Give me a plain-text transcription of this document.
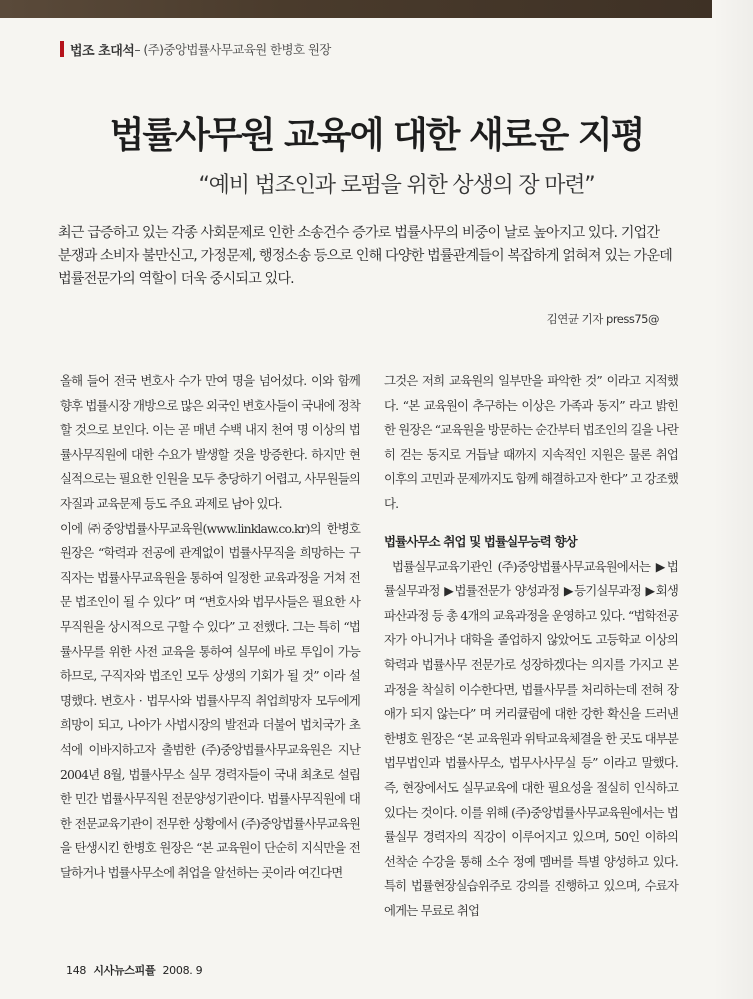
법조 초대석 – (주)중앙법률사무교육원 한병호 원장
법률사무원 교육에 대한 새로운 지평
“예비 법조인과 로펌을 위한 상생의 장 마련”
최근 급증하고 있는 각종 사회문제로 인한 소송건수 증가로 법률사무의 비중이 날로 높아지고 있다. 기업간 분쟁과 소비자 불만신고, 가정문제, 행정소송 등으로 인해 다양한 법률관계들이 복잡하게 얽혀져 있는 가운데 법률전문가의 역할이 더욱 중시되고 있다.
김연균 기자 press75@

올해 들어 전국 변호사 수가 만여 명을 넘어섰다. 이와 함께 향후 법률시장 개방으로 많은 외국인 변호사들이 국내에 정착할 것으로 보인다. 이는 곧 매년 수백 내지 천여 명 이상의 법률사무직원에 대한 수요가 발생할 것을 방증한다. 하지만 현실적으로는 필요한 인원을 모두 충당하기 어렵고, 사무원들의 자질과 교육문제 등도 주요 과제로 남아 있다.

이에 ㈜중앙법률사무교육원(www.linklaw.co.kr)의 한병호 원장은 “학력과 전공에 관계없이 법률사무직을 희망하는 구직자는 법률사무교육원을 통하여 일정한 교육과정을 거쳐 전문 법조인이 될 수 있다” 며 “변호사와 법무사들은 필요한 사무직원을 상시적으로 구할 수 있다” 고 전했다. 그는 특히 “법률사무를 위한 사전 교육을 통하여 실무에 바로 투입이 가능하므로, 구직자와 법조인 모두 상생의 기회가 될 것” 이라 설명했다. 변호사 · 법무사와 법률사무직 취업희망자 모두에게 희망이 되고, 나아가 사법시장의 발전과 더불어 법치국가 초석에 이바지하고자 출범한 (주)중앙법률사무교육원은 지난 2004년 8월, 법률사무소 실무 경력자들이 국내 최초로 설립한 민간 법률사무직원 전문양성기관이다. 법률사무직원에 대한 전문교육기관이 전무한 상황에서 (주)중앙법률사무교육원을 탄생시킨 한병호 원장은 “본 교육원이 단순히 지식만을 전달하거나 법률사무소에 취업을 알선하는 곳이라 여긴다면

그것은 저희 교육원의 일부만을 파악한 것” 이라고 지적했다. “본 교육원이 추구하는 이상은 가족과 동지” 라고 밝힌 한 원장은 “교육원을 방문하는 순간부터 법조인의 길을 나란히 걷는 동지로 거듭날 때까지 지속적인 지원은 물론 취업 이후의 고민과 문제까지도 함께 해결하고자 한다” 고 강조했다.

법률사무소 취업 및 법률실무능력 향상

법률실무교육기관인 (주)중앙법률사무교육원에서는 ▶법률실무과정 ▶법률전문가 양성과정 ▶등기실무과정 ▶회생파산과정 등 총 4개의 교육과정을 운영하고 있다. “법학전공자가 아니거나 대학을 졸업하지 않았어도 고등학교 이상의 학력과 법률사무 전문가로 성장하겠다는 의지를 가지고 본 과정을 착실히 이수한다면, 법률사무를 처리하는데 전혀 장애가 되지 않는다” 며 커리큘럼에 대한 강한 확신을 드러낸 한병호 원장은 “본 교육원과 위탁교육체결을 한 곳도 대부분 법무법인과 법률사무소, 법무사사무실 등” 이라고 말했다. 즉, 현장에서도 실무교육에 대한 필요성을 절실히 인식하고 있다는 것이다. 이를 위해 (주)중앙법률사무교육원에서는 법률실무 경력자의 직강이 이루어지고 있으며, 50인 이하의 선착순 수강을 통해 소수 정예 멤버를 특별 양성하고 있다. 특히 법률현장실습위주로 강의를 진행하고 있으며, 수료자에게는 무료로 취업

148 시사뉴스피플 2008. 9
